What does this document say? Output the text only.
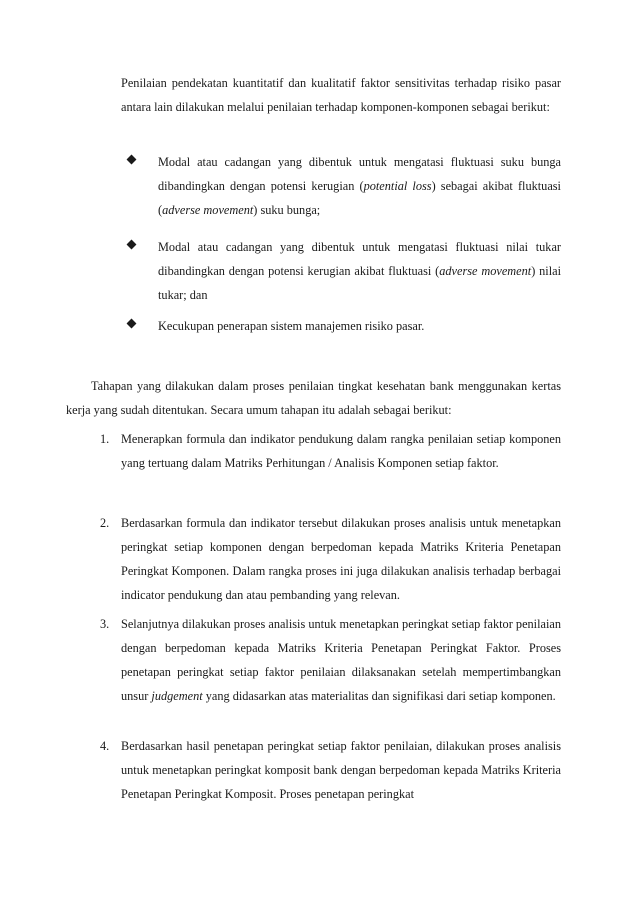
Penilaian pendekatan kuantitatif dan kualitatif faktor sensitivitas terhadap risiko pasar antara lain dilakukan melalui penilaian terhadap komponen-komponen sebagai berikut:

Modal atau cadangan yang dibentuk untuk mengatasi fluktuasi suku bunga dibandingkan dengan potensi kerugian (potential loss) sebagai akibat fluktuasi (adverse movement) suku bunga;

Modal atau cadangan yang dibentuk untuk mengatasi fluktuasi nilai tukar dibandingkan dengan potensi kerugian akibat fluktuasi (adverse movement) nilai tukar; dan

Kecukupan penerapan sistem manajemen risiko pasar.

Tahapan yang dilakukan dalam proses penilaian tingkat kesehatan bank menggunakan kertas kerja yang sudah ditentukan. Secara umum tahapan itu adalah sebagai berikut:

1. Menerapkan formula dan indikator pendukung dalam rangka penilaian setiap komponen yang tertuang dalam Matriks Perhitungan / Analisis Komponen setiap faktor.

2. Berdasarkan formula dan indikator tersebut dilakukan proses analisis untuk menetapkan peringkat setiap komponen dengan berpedoman kepada Matriks Kriteria Penetapan Peringkat Komponen. Dalam rangka proses ini juga dilakukan analisis terhadap berbagai indicator pendukung dan atau pembanding yang relevan.

3. Selanjutnya dilakukan proses analisis untuk menetapkan peringkat setiap faktor penilaian dengan berpedoman kepada Matriks Kriteria Penetapan Peringkat Faktor. Proses penetapan peringkat setiap faktor penilaian dilaksanakan setelah mempertimbangkan unsur judgement yang didasarkan atas materialitas dan signifikasi dari setiap komponen.

4. Berdasarkan hasil penetapan peringkat setiap faktor penilaian, dilakukan proses analisis untuk menetapkan peringkat komposit bank dengan berpedoman kepada Matriks Kriteria Penetapan Peringkat Komposit. Proses penetapan peringkat
